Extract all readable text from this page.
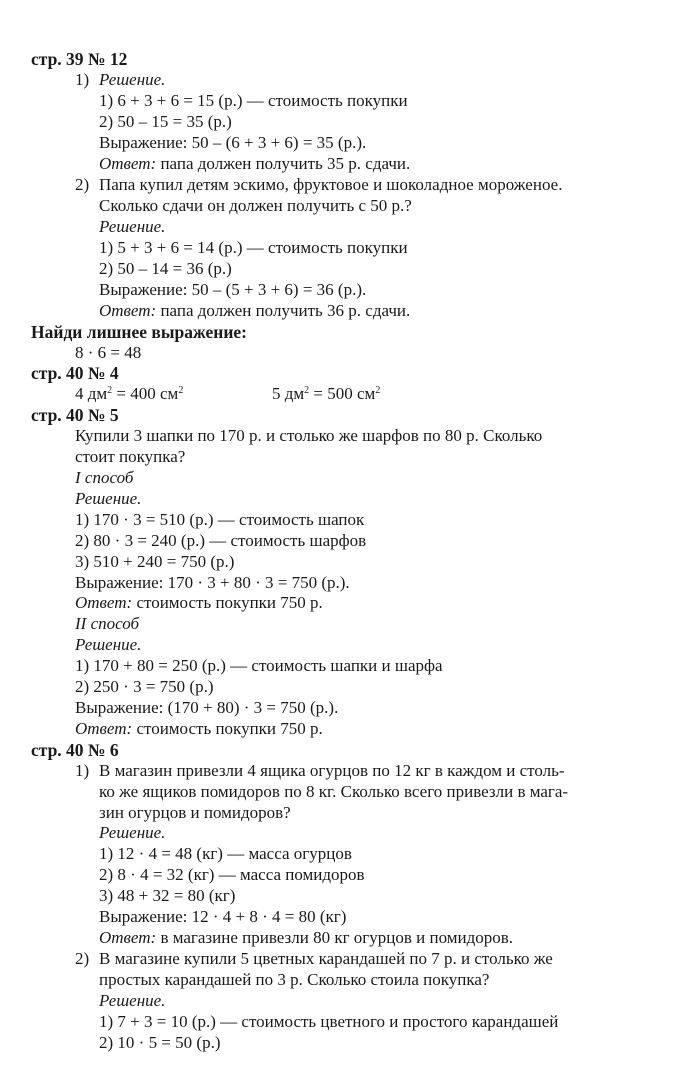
стр. 39 № 12
1) Решение.
1) 6 + 3 + 6 = 15 (р.) — стоимость покупки
2) 50 – 15 = 35 (р.)
Выражение: 50 – (6 + 3 + 6) = 35 (р.).
Ответ: папа должен получить 35 р. сдачи.
2) Папа купил детям эскимо, фруктовое и шоколадное мороженое.
Сколько сдачи он должен получить с 50 р.?
Решение.
1) 5 + 3 + 6 = 14 (р.) — стоимость покупки
2) 50 – 14 = 36 (р.)
Выражение: 50 – (5 + 3 + 6) = 36 (р.).
Ответ: папа должен получить 36 р. сдачи.
Найди лишнее выражение:
8 · 6 = 48
стр. 40 № 4
4 $дм^2 = 400$ $см^2$	5 $дм^2 = 500$ $см^2$
стр. 40 № 5
Купили 3 шапки по 170 р. и столько же шарфов по 80 р. Сколько
стоит покупка?
I способ
Решение.
1) 170 · 3 = 510 (р.) — стоимость шапок
2) 80 · 3 = 240 (р.) — стоимость шарфов
3) 510 + 240 = 750 (р.)
Выражение: 170 · 3 + 80 · 3 = 750 (р.).
Ответ: стоимость покупки 750 р.
II способ
Решение.
1) 170 + 80 = 250 (р.) — стоимость шапки и шарфа
2) 250 · 3 = 750 (р.)
Выражение: (170 + 80) · 3 = 750 (р.).
Ответ: стоимость покупки 750 р.
стр. 40 № 6
1) В магазин привезли 4 ящика огурцов по 12 кг в каждом и столь-
ко же ящиков помидоров по 8 кг. Сколько всего привезли в мага-
зин огурцов и помидоров?
Решение.
1) 12 · 4 = 48 (кг) — масса огурцов
2) 8 · 4 = 32 (кг) — масса помидоров
3) 48 + 32 = 80 (кг)
Выражение: 12 · 4 + 8 · 4 = 80 (кг)
Ответ: в магазине привезли 80 кг огурцов и помидоров.
2) В магазине купили 5 цветных карандашей по 7 р. и столько же
простых карандашей по 3 р. Сколько стоила покупка?
Решение.
1) 7 + 3 = 10 (р.) — стоимость цветного и простого карандашей
2) 10 · 5 = 50 (р.)
